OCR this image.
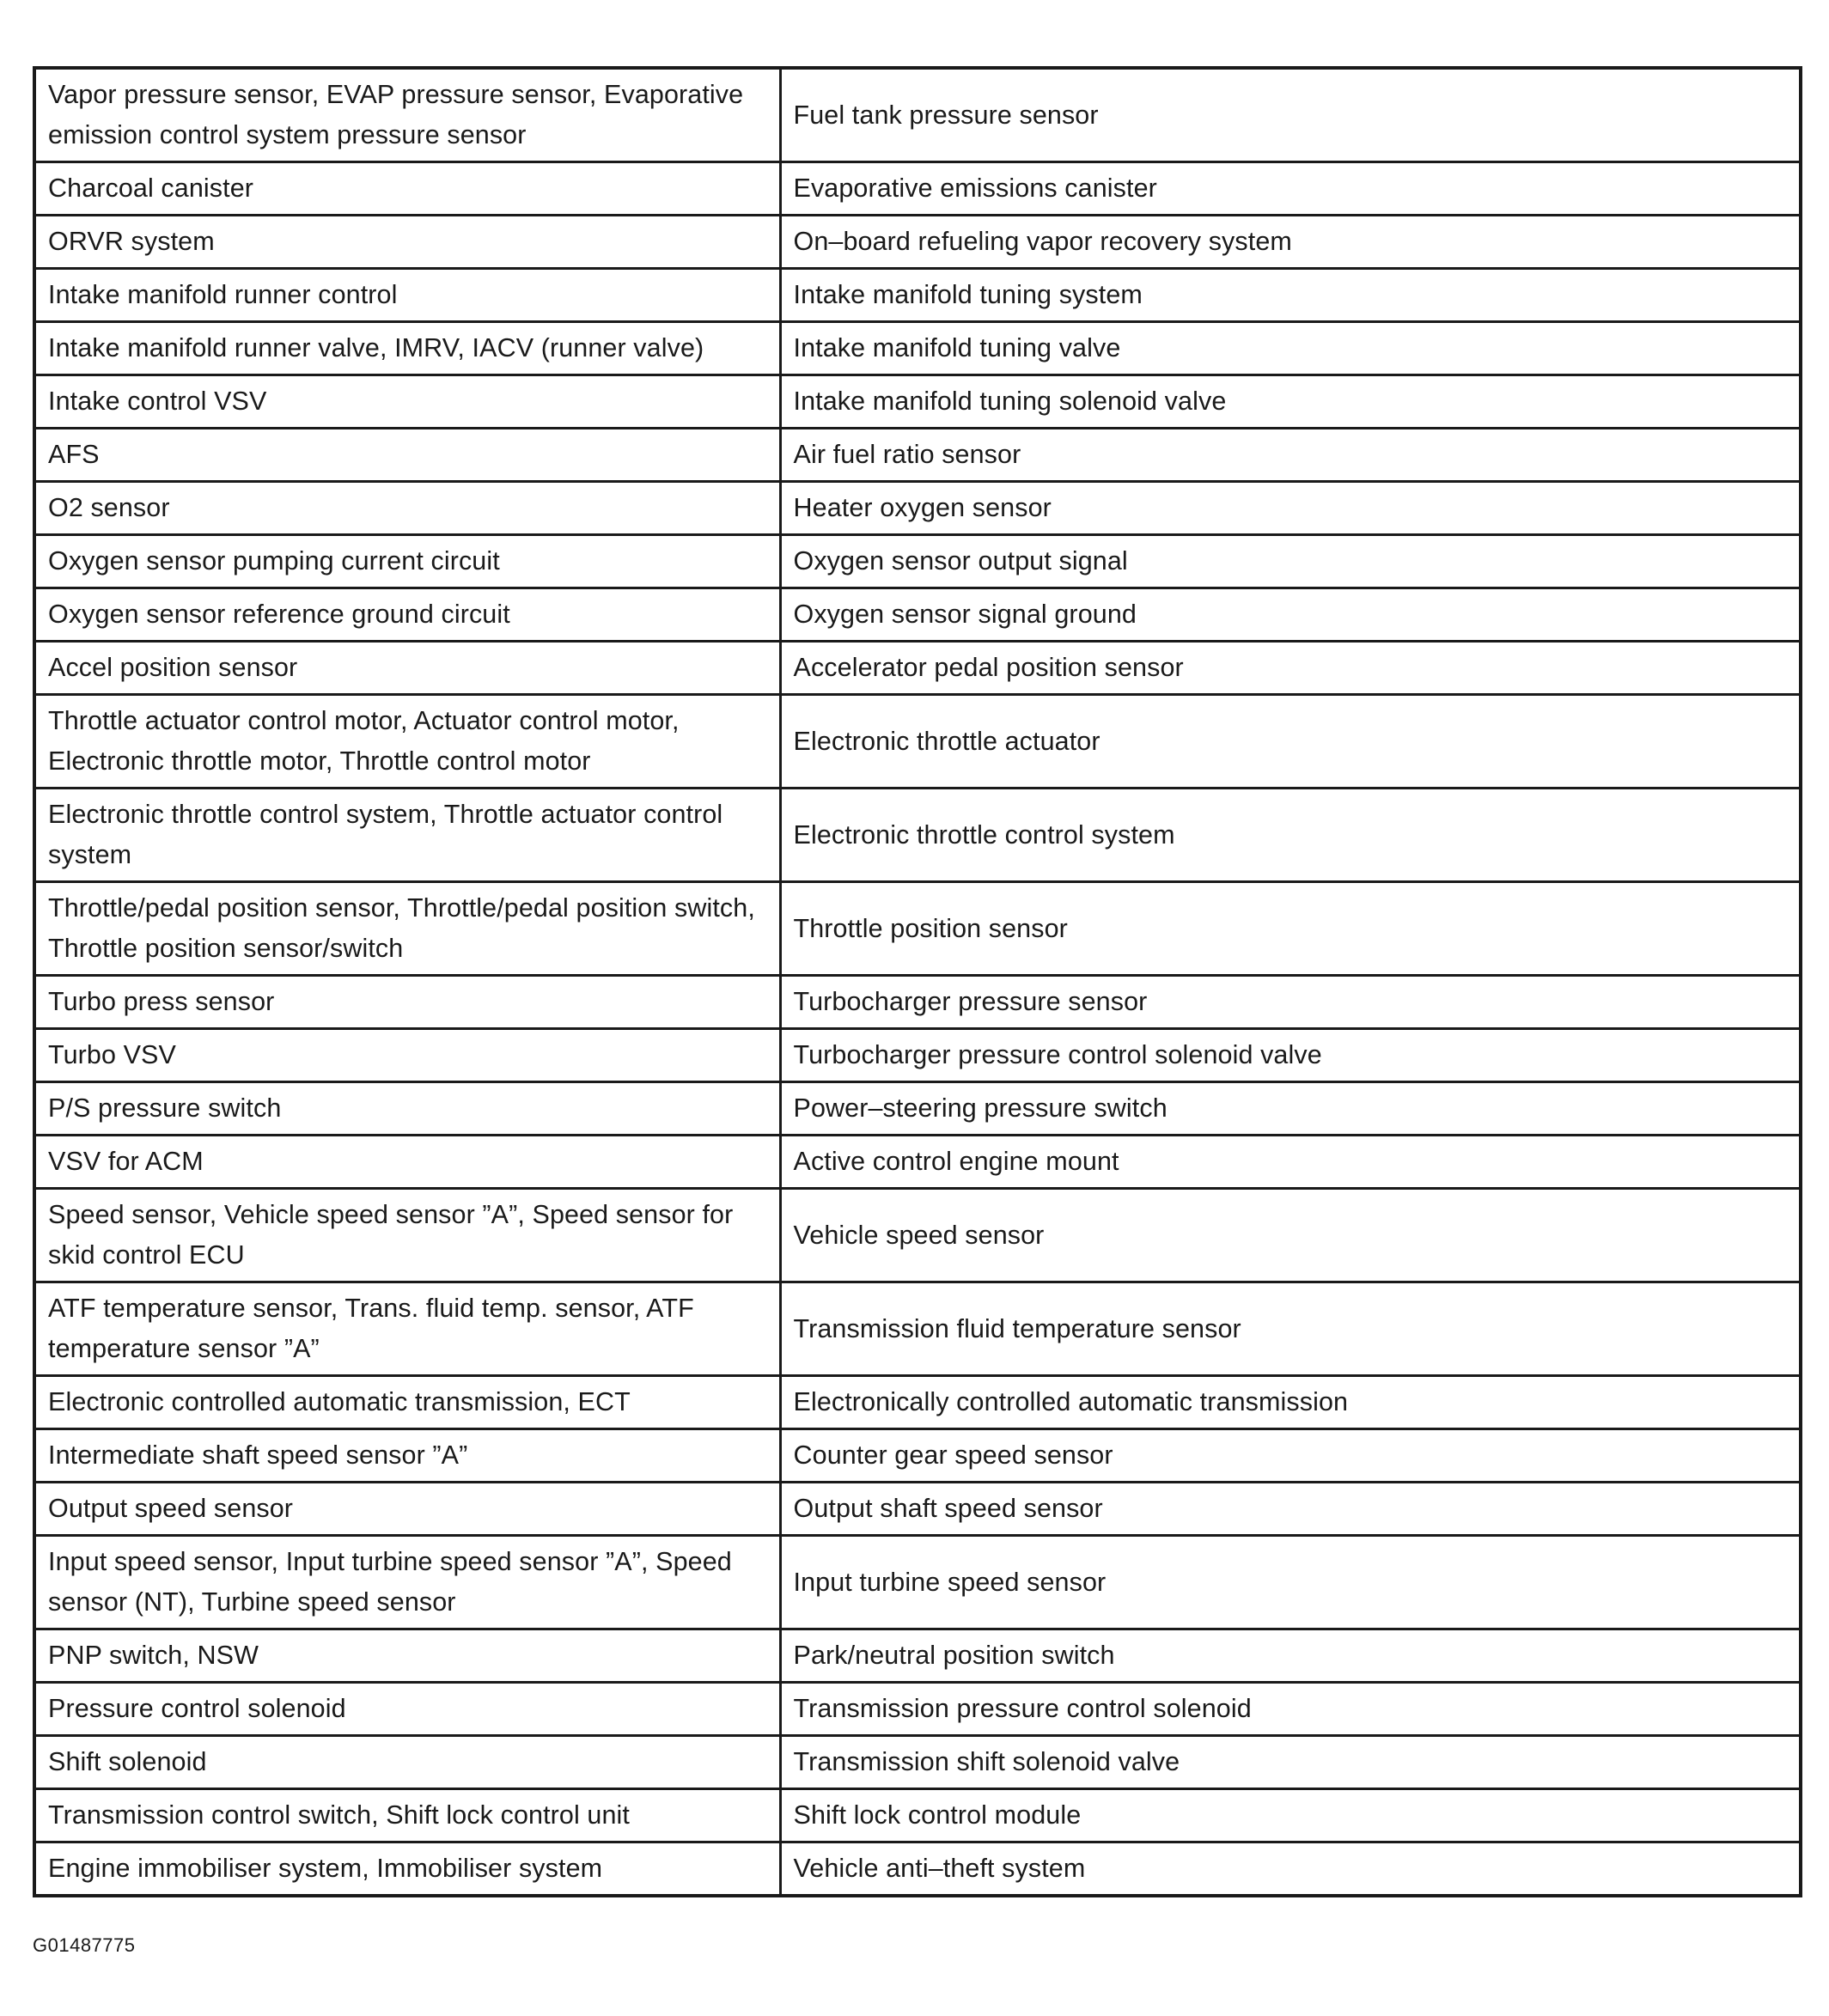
Vapor pressure sensor, EVAP pressure sensor, Evaporative emission control system pressure sensor	Fuel tank pressure sensor
Charcoal canister	Evaporative emissions canister
ORVR system	On–board refueling vapor recovery system
Intake manifold runner control	Intake manifold tuning system
Intake manifold runner valve, IMRV, IACV (runner valve)	Intake manifold tuning valve
Intake control VSV	Intake manifold tuning solenoid valve
AFS	Air fuel ratio sensor
O2 sensor	Heater oxygen sensor
Oxygen sensor pumping current circuit	Oxygen sensor output signal
Oxygen sensor reference ground circuit	Oxygen sensor signal ground
Accel position sensor	Accelerator pedal position sensor
Throttle actuator control motor, Actuator control motor, Electronic throttle motor, Throttle control motor	Electronic throttle actuator
Electronic throttle control system, Throttle actuator control system	Electronic throttle control system
Throttle/pedal position sensor, Throttle/pedal position switch, Throttle position sensor/switch	Throttle position sensor
Turbo press sensor	Turbocharger pressure sensor
Turbo VSV	Turbocharger pressure control solenoid valve
P/S pressure switch	Power–steering pressure switch
VSV for ACM	Active control engine mount
Speed sensor, Vehicle speed sensor ”A”, Speed sensor for skid control ECU	Vehicle speed sensor
ATF temperature sensor, Trans. fluid temp. sensor, ATF temperature sensor ”A”	Transmission fluid temperature sensor
Electronic controlled automatic transmission, ECT	Electronically controlled automatic transmission
Intermediate shaft speed sensor ”A”	Counter gear speed sensor
Output speed sensor	Output shaft speed sensor
Input speed sensor, Input turbine speed sensor ”A”, Speed sensor (NT), Turbine speed sensor	Input turbine speed sensor
PNP switch, NSW	Park/neutral position switch
Pressure control solenoid	Transmission pressure control solenoid
Shift solenoid	Transmission shift solenoid valve
Transmission control switch, Shift lock control unit	Shift lock control module
Engine immobiliser system, Immobiliser system	Vehicle anti–theft system
G01487775
